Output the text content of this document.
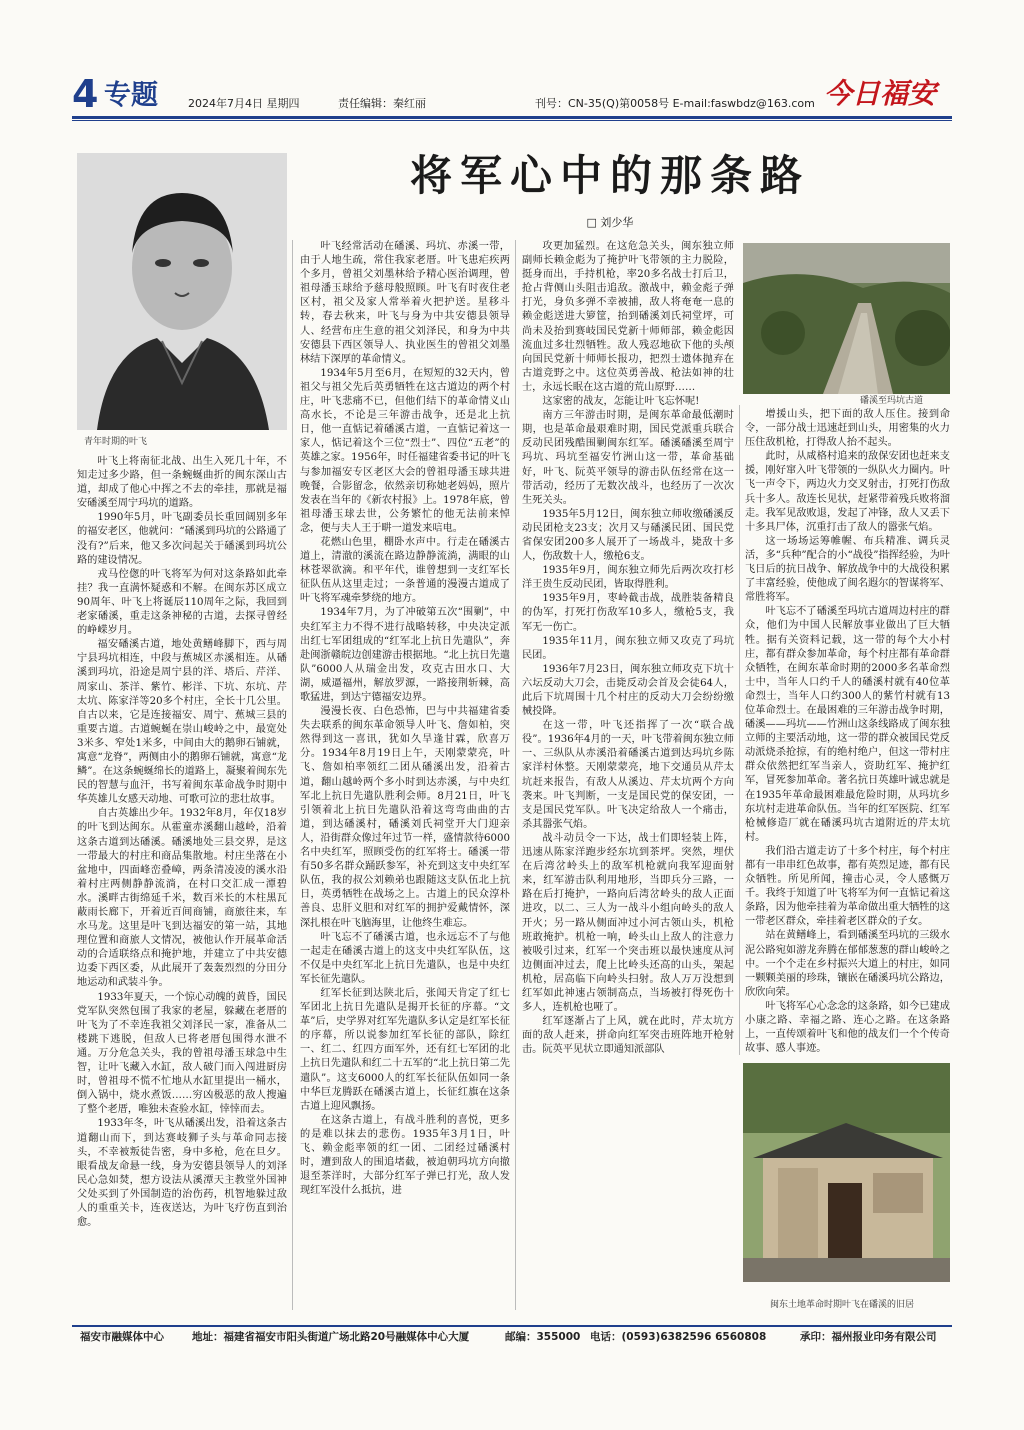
4 专题	2024年7月4日 星期四	责任编辑：秦红丽	刊号：CN-35(Q)第0058号 E-mail:faswbdz@163.com 今日福安
将军心中的那条路
□ 刘少华
青年时期的叶飞
磻溪至玛坑古道
闽东土地革命时期叶飞在磻溪的旧居

叶飞上将南征北战、出生入死几十年，不知走过多少路，但一条蜿蜒曲折的闽东深山古道，却成了他心中挥之不去的牵挂，那就是福安磻溪至周宁玛坑的道路。

1990年5月，叶飞副委员长重回阔别多年的福安老区，他就问：“磻溪到玛坑的公路通了没有?”后来，他又多次问起关于磻溪到玛坑公路的建设情况。

戎马倥偬的叶飞将军为何对这条路如此牵挂？我一直满怀疑惑和不解。在闽东苏区成立90周年、叶飞上将诞辰110周年之际，我回到老家磻溪，重走这条神秘的古道，去探寻曾经的峥嵘岁月。

福安磻溪古道，地处黄鳝峰脚下，西与周宁县玛坑相连，中段与蕉城区赤溪相连。从磻溪到玛坑，沿途是周宁县的洋、塔后、芹洋、周家山、茶洋、紫竹、彬洋、下坑、东坑、芹太坑、陈家洋等20多个村庄，全长十几公里。自古以来，它是连接福安、周宁、蕉城三县的重要古道。古道蜿蜒在崇山峻岭之中，最宽处3米多、窄处1米多，中间由大的鹅卵石铺就，寓意“龙脊”，两侧由小的鹅卵石铺就，寓意“龙鳞”。在这条蜿蜒绵长的道路上，凝聚着闽东先民的智慧与血汗，书写着闽东革命战争时期中华英雄儿女感天动地、可歌可泣的悲壮故事。

自古英雄出少年。1932年8月，年仅18岁的叶飞到达闽东。从霍童赤溪翻山越岭，沿着这条古道到达磻溪。磻溪地处三县交界，是这一带最大的村庄和商品集散地。村庄坐落在小盆地中，四面峰峦叠嶂，两条清凌凌的溪水沿着村庄两侧静静流淌，在村口交汇成一潭碧水。溪畔古街绵延千米，数百米长的木柱黑瓦蔽雨长廊下，开着近百间商铺，商旅往来，车水马龙。这里是叶飞到达福安的第一站，其地理位置和商旅人文情况，被他认作开展革命活动的合适联络点和掩护地，并建立了中共安德边委下西区委，从此展开了轰轰烈烈的分田分地运动和武装斗争。

1933年夏天，一个惊心动魄的黄昏，国民党军队突然包围了我家的老屋，躲藏在老厝的叶飞为了不幸连我祖父刘泽民一家，准备从二楼跳下逃脱，但敌人已将老厝包围得水泄不通。万分危急关头，我的曾祖母潘玉球急中生智，让叶飞藏入水缸，敌人破门而入闯进厨房时，曾祖母不慌不忙地从水缸里提出一桶水，倒入锅中，烧水煮饭……穷凶极恶的敌人搜遍了整个老厝，唯独未查验水缸，悻悻而去。

1933年冬，叶飞从磻溪出发，沿着这条古道翻山而下，到达赛岐狮子头与革命同志接头，不幸被叛徒告密，身中多枪，危在旦夕。眼看战友命悬一线，身为安德县领导人的刘泽民心急如焚，想方设法从溪潭天主教堂外国神父处买到了外国制造的治伤药，机智地躲过敌人的重重关卡，连夜送达，为叶飞疗伤直到治愈。

叶飞经常活动在磻溪、玛坑、赤溪一带，由于人地生疏，常住我家老厝。叶飞患疟疾两个多月，曾祖父刘墨林给予精心医治调理，曾祖母潘玉球给予慈母般照顾。叶飞有时夜住老区村，祖父及家人常举着火把护送。星移斗转，春去秋来，叶飞与身为中共安德县领导人、经营布庄生意的祖父刘泽民，和身为中共安德县下西区领导人、执业医生的曾祖父刘墨林结下深厚的革命情义。

1934年5月至6月，在短短的32天内，曾祖父与祖父先后英勇牺牲在这古道边的两个村庄，叶飞悲痛不已，但他们结下的革命情义山高水长，不论是三年游击战争，还是北上抗日，他一直惦记着磻溪古道，一直惦记着这一家人，惦记着这个三位“烈士”、四位“五老”的英雄之家。1956年，时任福建省委书记的叶飞与参加福安专区老区大会的曾祖母潘玉球共进晚餐，合影留念，依然亲切称她老妈妈，照片发表在当年的《新农村报》上。1978年底，曾祖母潘玉球去世，公务繁忙的他无法前来悼念，便与夫人王于畊一道发来唁电。

花燃山色里，棚卧水声中。行走在磻溪古道上，清澈的溪流在路边静静流淌，满眼的山林苍翠欲滴。和平年代，谁曾想到一支红军长征队伍从这里走过；一条普通的漫漫古道成了叶飞将军魂牵梦绕的地方。

1934年7月，为了冲破第五次“围剿”，中央红军主力不得不进行战略转移，中央决定派出红七军团组成的“红军北上抗日先遣队”，奔赴闽浙赣皖边创建游击根据地。“北上抗日先遣队”6000人从瑞金出发，攻克古田水口、大湖，威逼福州，解放罗源，一路接荆斩棘，高歌猛进，到达宁德福安边界。

漫漫长夜、白色恐怖，巴与中共福建省委失去联系的闽东革命领导人叶飞、詹如柏，突然得到这一喜讯，犹如久旱逢甘霖，欣喜万分。1934年8月19日上午，天刚蒙蒙亮，叶飞、詹如柏率领红二团从磻溪出发，沿着古道，翻山越岭两个多小时到达赤溪，与中央红军北上抗日先遣队胜利会师。8月21日，叶飞引领着北上抗日先遣队沿着这弯弯曲曲的古道，到达磻溪村，磻溪刘氏祠堂开大门迎亲人，沿街群众像过年过节一样，盛情款待6000名中央红军，照顾受伤的红军将士。磻溪一带有50多名群众踊跃参军，补充到这支中央红军队伍，我的叔公刘赖弟也跟随这支队伍北上抗日，英勇牺牲在战场之上。古道上的民众淳朴善良、忠肝义胆和对红军的拥护爱戴情怀，深深扎根在叶飞脑海里，让他终生难忘。

叶飞忘不了磻溪古道，也永远忘不了与他一起走在磻溪古道上的这支中央红军队伍，这不仅是中央红军北上抗日先遣队，也是中央红军长征先遣队。

红军长征到达陕北后，张闻天肯定了红七军团北上抗日先遣队是揭开长征的序幕。“文革”后，史学界对红军先遣队多认定是红军长征的序幕，所以说参加红军长征的部队，除红一、红二、红四方面军外，还有红七军团的北上抗日先遣队和红二十五军的“北上抗日第二先遣队”。这支6000人的红军长征队伍如同一条中华巨龙腾跃在磻溪古道上，长征红旗在这条古道上迎风飘扬。

在这条古道上，有战斗胜利的喜悦，更多的是难以抹去的悲伤。1935年3月1日，叶飞、赖金彪率领的红一团、二团经过磻溪村时，遭到敌人的围追堵截，被迫朝玛坑方向撤退至茶洋时，大部分红军子弹已打光，敌人发现红军没什么抵抗，进

攻更加猛烈。在这危急关头，闽东独立师副师长赖金彪为了掩护叶飞带领的主力脱险，挺身而出，手持机枪，率20多名战士打后卫，抢占背侧山头阻击追敌。激战中，赖金彪子弹打光，身负多弹不幸被捕，敌人将奄奄一息的赖金彪送进大箩筐，抬到磻溪刘氏祠堂坪，可尚未及抬到赛岐国民党新十师师部，赖金彪因流血过多壮烈牺牲。敌人残忍地砍下他的头颅向国民党新十师师长报功，把烈士遗体抛弃在古道竞野之中。这位英勇善战、枪法如神的壮士，永远长眠在这古道的荒山原野……

这家密的战友，怎能让叶飞忘怀呢!

南方三年游击时期，是闽东革命最低潮时期，也是革命最艰难时期，国民党派重兵联合反动民团残酷围剿闽东红军。磻溪磻溪至周宁玛坑、玛坑至福安竹洲山这一带，革命基础好，叶飞、阮英平领导的游击队伍经常在这一带活动，经历了无数次战斗，也经历了一次次生死关头。

1935年5月12日，闽东独立师收缴磻溪反动民团枪支23支；次月又与磻溪民团、国民党省保安团200多人展开了一场战斗，毙敌十多人，伤敌数十人，缴枪6支。

1935年9月，闽东独立师先后两次攻打杉洋王贵生反动民团，皆取得胜利。

1935年9月，枣岭截击战，战胜装备精良的伪军，打死打伤敌军10多人，缴枪5支，我军无一伤亡。

1935年11月，闽东独立师又攻克了玛坑民团。

1936年7月23日，闽东独立师攻克下坑十六坛反动大刀会，击毙反动会首及会徒64人，此后下坑周围十几个村庄的反动大刀会纷纷缴械投降。

在这一带，叶飞还指挥了一次“联合战役”。1936年4月的一天，叶飞带着闽东独立师一、三纵队从赤溪沿着磻溪古道到达玛坑乡陈家洋村休整。天刚蒙蒙亮，地下交通员从芹太坑赶来报告，有敌人从溪边、芹太坑两个方向袭来。叶飞判断，一支是国民党的保安团，一支是国民党军队。叶飞决定给敌人一个痛击，杀其嚣张气焰。

战斗动员令一下达，战士们即轻装上阵，迅速从陈家洋跑步经东坑到茶坪。突然，埋伏在后湾岔岭头上的敌军机枪就向我军迎面射来，红军游击队利用地形，当即兵分三路，一路在后打掩护，一路向后湾岔岭头的敌人正面进攻，以二、三人为一战斗小组向岭头的敌人开火；另一路从侧面冲过小河古领山头，机枪班敢掩护。机枪一响，岭头山上敌人的注意力被吸引过来，红军一个突击班以最快速度从河边侧面冲过去，爬上比岭头还高的山头，架起机枪，居高临下向岭头扫射。敌人万万没想到红军如此神速占领制高点，当场被打得死伤十多人，连机枪也哑了。

红军逐渐占了上风，就在此时，芹太坑方面的敌人赶来，拼命向红军突击班阵地开枪射击。阮英平见状立即通知派部队

增援山头，把下面的敌人压住。接到命令，一部分战士迅速赶到山头，用密集的火力压住敌机枪，打得敌人抬不起头。

此时，从咸格村追来的敌保安团也赶来支援，刚好窜入叶飞带领的一纵队火力圈内。叶飞一声令下，两边火力交叉射击，打死打伤敌兵十多人。敌连长见状，赶紧带着残兵败将溜走。我军见敌败退，发起了冲锋，敌人又丢下十多具尸体，沉重打击了敌人的嚣张气焰。

这一场场运筹帷幄、布兵精准、调兵灵活，多“兵种”配合的小“战役”指挥经验，为叶飞日后的抗日战争、解放战争中的大战役积累了丰富经验，使他成了闽名遐尔的智谋将军、常胜将军。

叶飞忘不了磻溪至玛坑古道周边村庄的群众，他们为中国人民解放事业做出了巨大牺牲。据有关资料记载，这一带的每个大小村庄，都有群众参加革命，每个村庄都有革命群众牺牲，在闽东革命时期的2000多名革命烈士中，当年人口约千人的磻溪村就有40位革命烈士，当年人口约300人的紫竹村就有13位革命烈士。在最困难的三年游击战争时期，磻溪——玛坑——竹洲山这条线路成了闽东独立师的主要活动地，这一带的群众被国民党反动派烧杀抢掠，有的绝村绝户，但这一带村庄群众依然把红军当亲人，资助红军、掩护红军，冒死参加革命。著名抗日英雄叶诚忠就是在1935年革命最困难最危险时期，从玛坑乡东坑村走进革命队伍。当年的红军医院、红军枪械修造厂就在磻溪玛坑古道附近的芹太坑村。

我们沿古道走访了十多个村庄，每个村庄都有一串串红色故事，都有英烈足迹，都有民众牺牲。所见所闻，撞击心灵，令人感慨万千。我终于知道了叶飞将军为何一直惦记着这条路，因为他牵挂着为革命做出重大牺牲的这一带老区群众，牵挂着老区群众的子女。

站在黄鳝峰上，看到磻溪至玛坑的三级水泥公路宛如游龙奔腾在郁郁葱葱的群山峻岭之中。一个个走在乡村振兴大道上的村庄，如同一颗颗美丽的珍珠，镶嵌在磻溪玛坑公路边，欣欣向荣。

叶飞将军心心念念的这条路，如今已建成小康之路、幸福之路、连心之路。在这条路上，一直传颂着叶飞和他的战友们一个个传奇故事、感人事迹。

福安市融媒体中心	地址：福建省福安市阳头街道广场北路20号融媒体中心大厦	邮编：355000 电话：(0593)6382596 6560808	承印：福州报业印务有限公司
